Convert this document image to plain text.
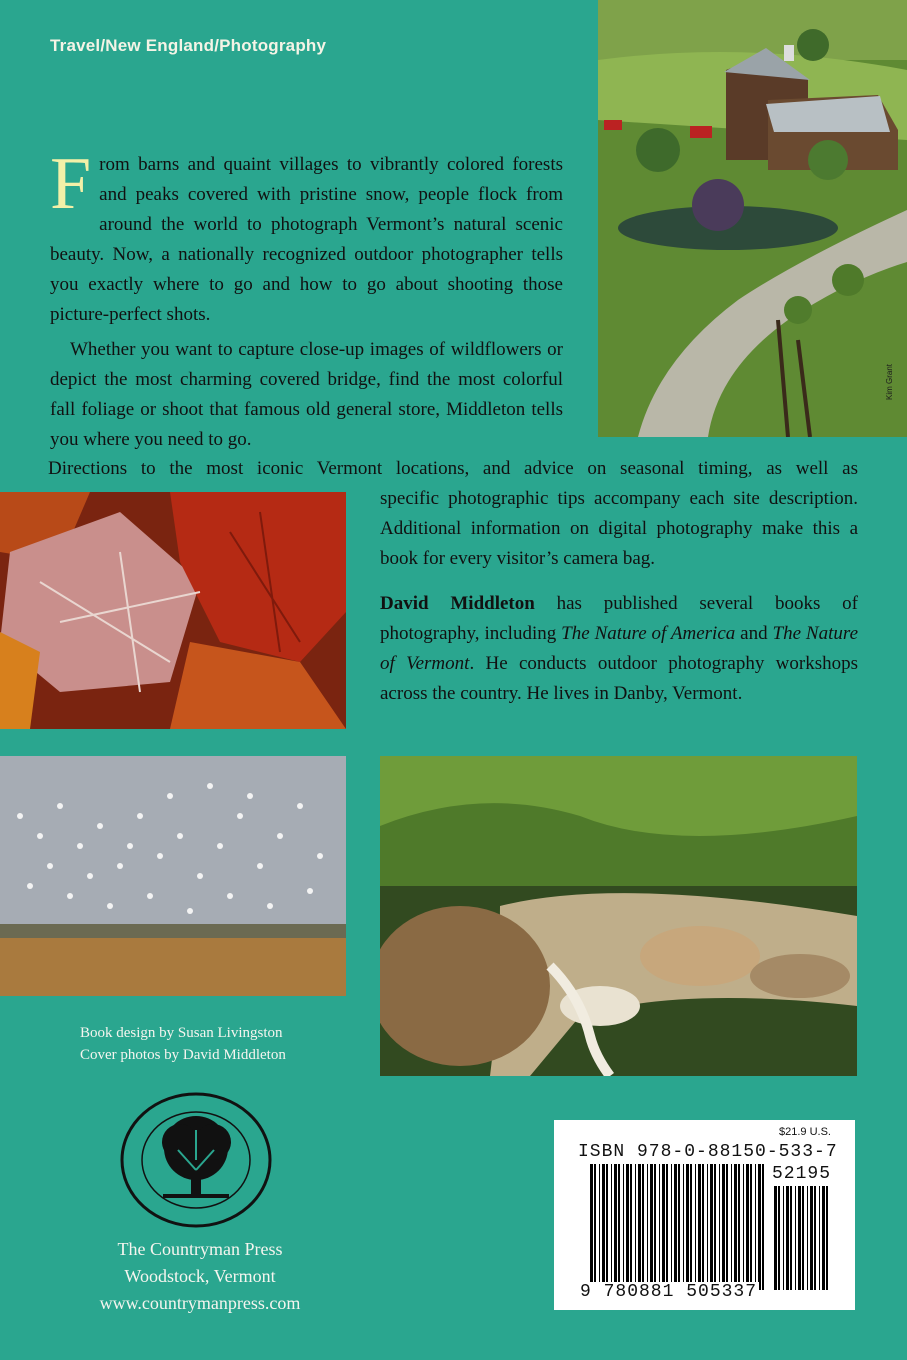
Travel/New England/Photography
Kim Grant

From barns and quaint villages to vibrantly colored forests and peaks covered with pristine snow, people flock from around the world to photograph Vermont’s natural scenic beauty. Now, a nationally recognized outdoor photographer tells you exactly where to go and how to go about shooting those picture-perfect shots.

Whether you want to capture close-up images of wildflowers or depict the most charming covered bridge, find the most colorful fall foliage or shoot that famous old general store, Middleton tells you where you need to go.

Directions to the most iconic Vermont locations, and advice on seasonal timing, as well as

specific photographic tips accompany each site description. Additional information on digital photography make this a book for every visitor’s camera bag.

David Middleton has published several books of photography, including The Nature of America and The Nature of Vermont. He conducts outdoor photography workshops across the country. He lives in Danby, Vermont.

Book design by Susan Livingston
Cover photos by David Middleton
The Countryman Press
Woodstock, Vermont
www.countrymanpress.com
$21.9 U.S.
ISBN 978-0-88150-533-7
52195
9 780881 505337
